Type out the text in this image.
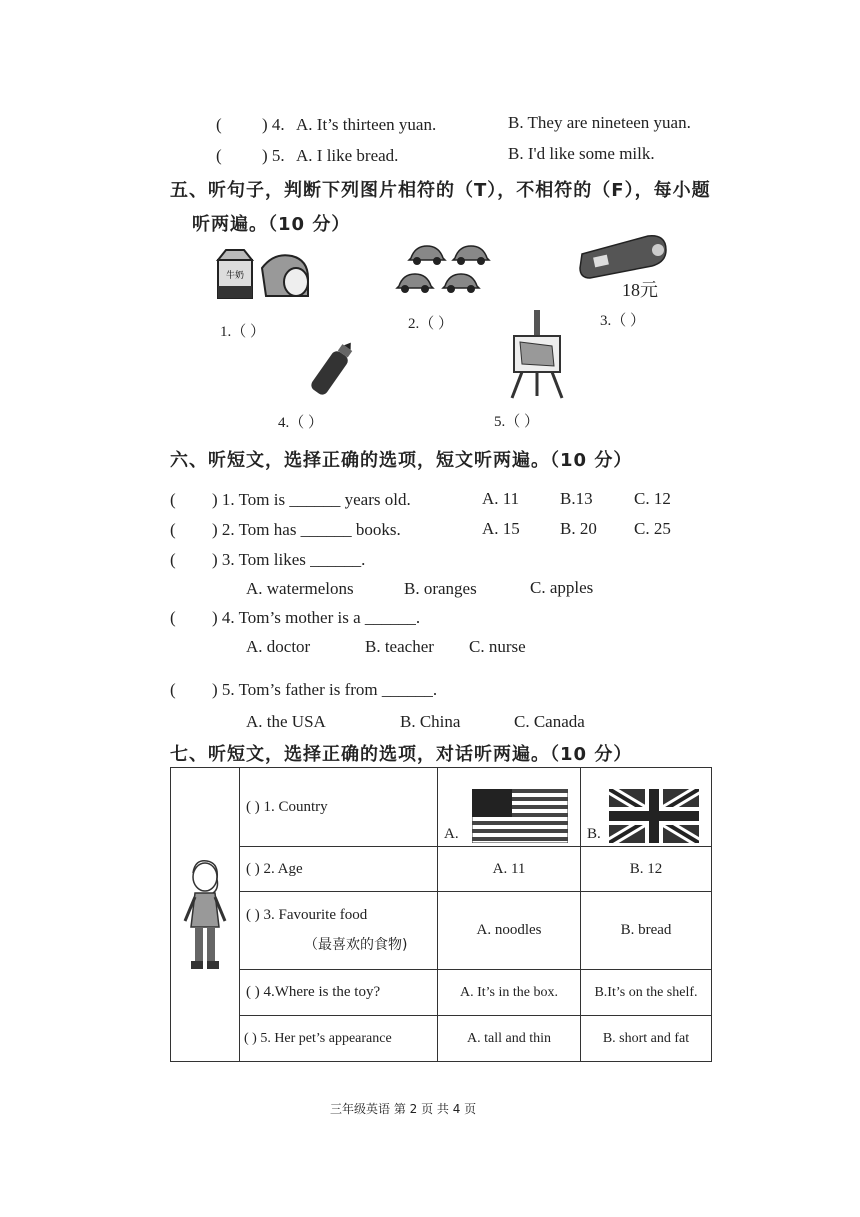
( ) 4. A. It’s thirteen yuan.	B. They are nineteen yuan.
( ) 5. A. I like bread.	B. I'd like some milk.
五、听句子，判断下列图片相符的（T），不相符的（F），每小题
听两遍。（10 分）
牛奶
1.（ ）	2.（ ）
18元
3.（ ）
4.（ ）	5.（ ）
六、听短文，选择正确的选项，短文听两遍。（10 分）
( ) 1. Tom is ______ years old.	A. 11 B.13 C. 12
( ) 2. Tom has ______ books.	A. 15 B. 20 C. 25
( ) 3. Tom likes ______.
A. watermelons	B. oranges	C. apples
( ) 4. Tom’s mother is a ______.
A. doctor	B. teacher C. nurse
( ) 5. Tom’s father is from ______.
A. the USA	B. China	C. Canada
七、听短文，选择正确的选项，对话听两遍。（10 分）
	( ) 1. Country	A.	B.
	( ) 2. Age	A. 11	B. 12

	( ) 3. Favourite food
（最喜欢的食物)	A. noodles	B. bread
	( ) 4.Where is the toy?	A. It’s in the box.	B.It’s on the shelf.
	( ) 5. Her pet’s appearance	A. tall and thin	B. short and fat
三年级英语 第 2 页 共 4 页
